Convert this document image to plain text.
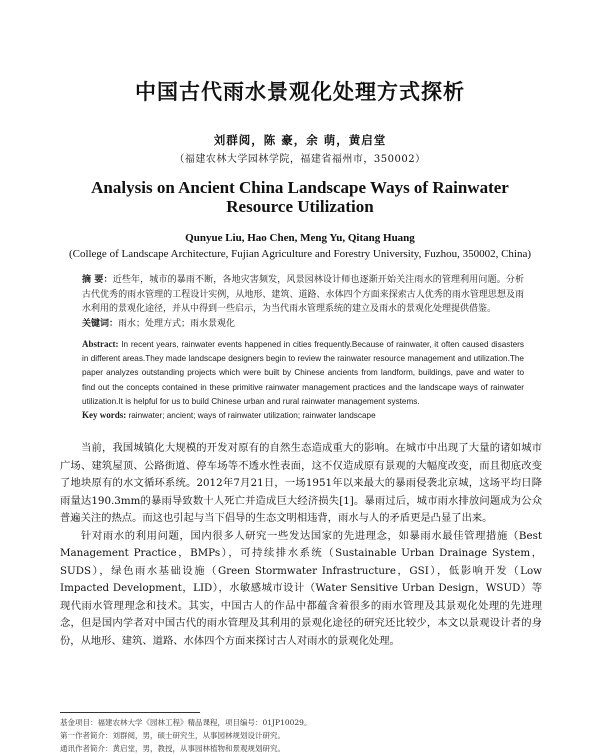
中国古代雨水景观化处理方式探析
刘群阅，陈 豪，余 萌，黄启堂
（福建农林大学园林学院，福建省福州市，350002）
Analysis on Ancient China Landscape Ways of Rainwater Resource Utilization
Qunyue Liu, Hao Chen, Meng Yu, Qitang Huang
(College of Landscape Architecture, Fujian Agriculture and Forestry University, Fuzhou, 350002, China)
摘 要：近些年，城市的暴雨不断，各地灾害频发，风景园林设计师也逐渐开始关注雨水的管理利用问题。分析古代优秀的雨水管理的工程设计实例，从地形、建筑、道路、水体四个方面来探索古人优秀的雨水管理思想及雨水利用的景观化途径，并从中得到一些启示，为当代雨水管理系统的建立及雨水的景观化处理提供借鉴。
关键词：雨水；处理方式；雨水景观化
Abstract: In recent years, rainwater events happened in cities frequently.Because of rainwater, it often caused disasters in different areas.They made landscape designers begin to review the rainwater resource management and utilization.The paper analyzes outstanding projects which were built by Chinese ancients from landform, buildings, pave and water to find out the concepts contained in these primitive rainwater management practices and the landscape ways of rainwater utilization.It is helpful for us to build Chinese urban and rural rainwater management systems.
Key words: rainwater; ancient; ways of rainwater utilization; rainwater landscape

当前，我国城镇化大规模的开发对原有的自然生态造成重大的影响。在城市中出现了大量的诸如城市广场、建筑屋顶、公路街道、停车场等不透水性表面，这不仅造成原有景观的大幅度改变，而且彻底改变了地块原有的水文循环系统。2012年7月21日，一场1951年以来最大的暴雨侵袭北京城，这场平均日降雨量达190.3mm的暴雨导致数十人死亡并造成巨大经济损失[1]。暴雨过后，城市雨水排放问题成为公众普遍关注的热点。而这也引起与当下倡导的生态文明相违背，雨水与人的矛盾更是凸显了出来。

针对雨水的利用问题，国内很多人研究一些发达国家的先进理念，如暴雨水最佳管理措施（Best Management Practice，BMPs），可持续排水系统（Sustainable Urban Drainage System，SUDS），绿色雨水基础设施（Green Stormwater Infrastructure，GSI），低影响开发（Low Impacted Development，LID），水敏感城市设计（Water Sensitive Urban Design，WSUD）等现代雨水管理理念和技术。其实，中国古人的作品中都蕴含着很多的雨水管理及其景观化处理的先进理念，但是国内学者对中国古代的雨水管理及其利用的景观化途径的研究还比较少，本文以景观设计者的身份，从地形、建筑、道路、水体四个方面来探讨古人对雨水的景观化处理。

基金项目：福建农林大学《园林工程》精品课程，项目编号：01JP10029。
第一作者简介：刘群阅，男，硕士研究生，从事园林规划设计研究。
通讯作者简介：黄启堂，男，教授，从事园林植物和景观规划研究。
